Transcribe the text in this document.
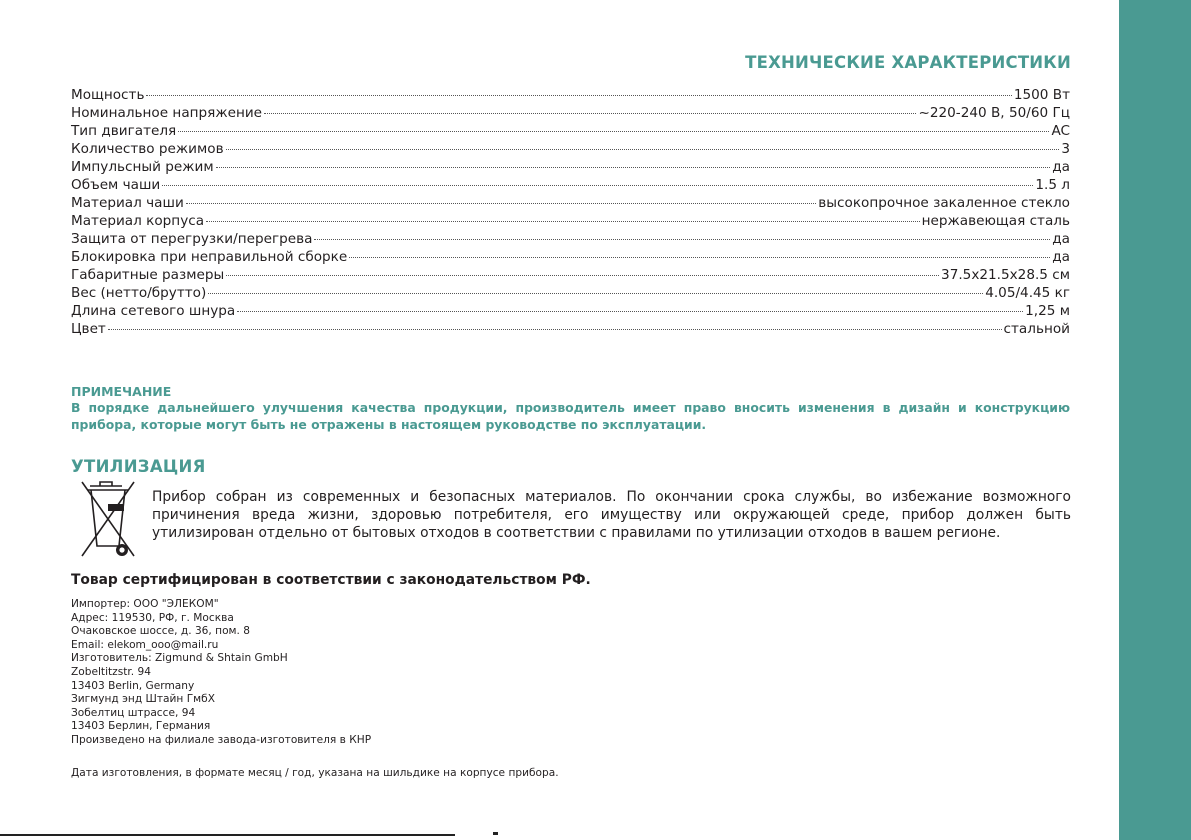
ТЕХНИЧЕСКИЕ ХАРАКТЕРИСТИКИ
Мощность	1500 Вт
Номинальное напряжение	~220-240 В, 50/60 Гц
Тип двигателя	AC
Количество режимов	3
Импульсный режим	да
Объем чаши	1.5 л
Материал чаши	высокопрочное закаленное стекло
Материал корпуса	нержавеющая сталь
Защита от перегрузки/перегрева	да
Блокировка при неправильной сборке	да
Габаритные размеры	37.5x21.5x28.5 см
Вес (нетто/брутто)	4.05/4.45 кг
Длина сетевого шнура	1,25 м
Цвет	стальной
ПРИМЕЧАНИЕ
В порядке дальнейшего улучшения качества продукции, производитель имеет право вносить изменения в дизайн и конструкцию прибора, которые могут быть не отражены в настоящем руководстве по эксплуатации.
УТИЛИЗАЦИЯ
Прибор собран из современных и безопасных материалов. По окончании срока службы, во избежание возможного причинения вреда жизни, здоровью потребителя, его имуществу или окружающей среде, прибор должен быть утилизирован отдельно от бытовых отходов в соответствии с правилами по утилизации отходов в вашем регионе.
Товар сертифицирован в соответствии с законодательством РФ.
Импортер: ООО "ЭЛЕКОМ"
Адрес: 119530, РФ, г. Москва
Очаковское шоссе, д. 36, пом. 8
Email: elekom_ooo@mail.ru
Изготовитель: Zigmund & Shtain GmbH
Zobeltitzstr. 94
13403 Berlin, Germany
Зигмунд энд Штайн ГмбХ
Зобелтиц штрассе, 94
13403 Берлин, Германия
Произведено на филиале завода-изготовителя в КНР
Дата изготовления, в формате месяц / год, указана на шильдике на корпусе прибора.
